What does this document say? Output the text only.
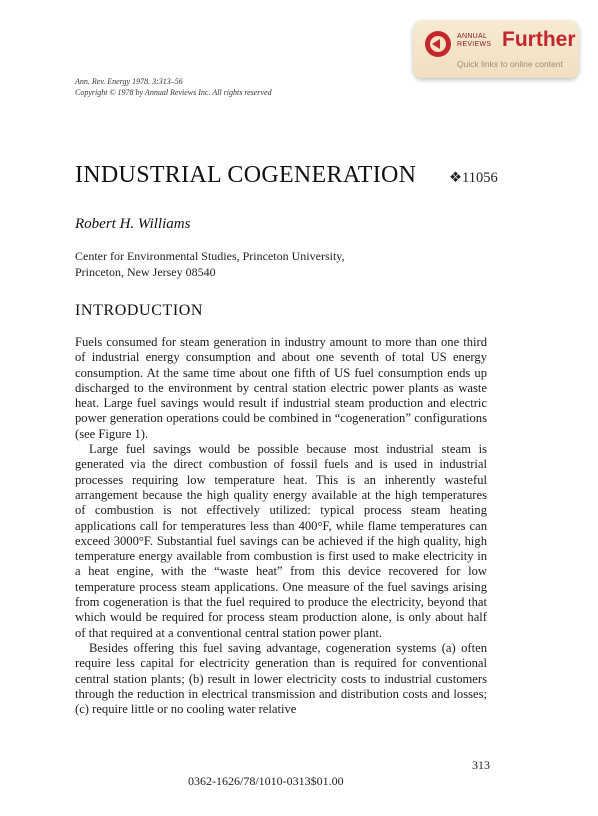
ANNUAL
REVIEWS Further
Quick links to online content
Ann. Rev. Energy 1978. 3:313–56
Copyright © 1978 by Annual Reviews Inc. All rights reserved
INDUSTRIAL COGENERATION ❖11056
Robert H. Williams
Center for Environmental Studies, Princeton University,
Princeton, New Jersey 08540
INTRODUCTION

Fuels consumed for steam generation in industry amount to more than one third of industrial energy consumption and about one seventh of total US energy consumption. At the same time about one fifth of US fuel consumption ends up discharged to the environment by central station electric power plants as waste heat. Large fuel savings would result if industrial steam production and electric power generation operations could be combined in “cogeneration” configurations (see Figure 1).

Large fuel savings would be possible because most industrial steam is generated via the direct combustion of fossil fuels and is used in industrial processes requiring low temperature heat. This is an inherently wasteful arrangement because the high quality energy available at the high temperatures of combustion is not effectively utilized: typical process steam heating applications call for temperatures less than 400°F, while flame temperatures can exceed 3000°F. Substantial fuel savings can be achieved if the high quality, high temperature energy available from combustion is first used to make electricity in a heat engine, with the “waste heat” from this device recovered for low temperature process steam applications. One measure of the fuel savings arising from cogeneration is that the fuel required to produce the electricity, beyond that which would be required for process steam production alone, is only about half of that required at a conventional central station power plant.

Besides offering this fuel saving advantage, cogeneration systems (a) often require less capital for electricity generation than is required for conventional central station plants; (b) result in lower electricity costs to industrial customers through the reduction in electrical transmission and distribution costs and losses; (c) require little or no cooling water relative

313
0362-1626/78/1010-0313$01.00
